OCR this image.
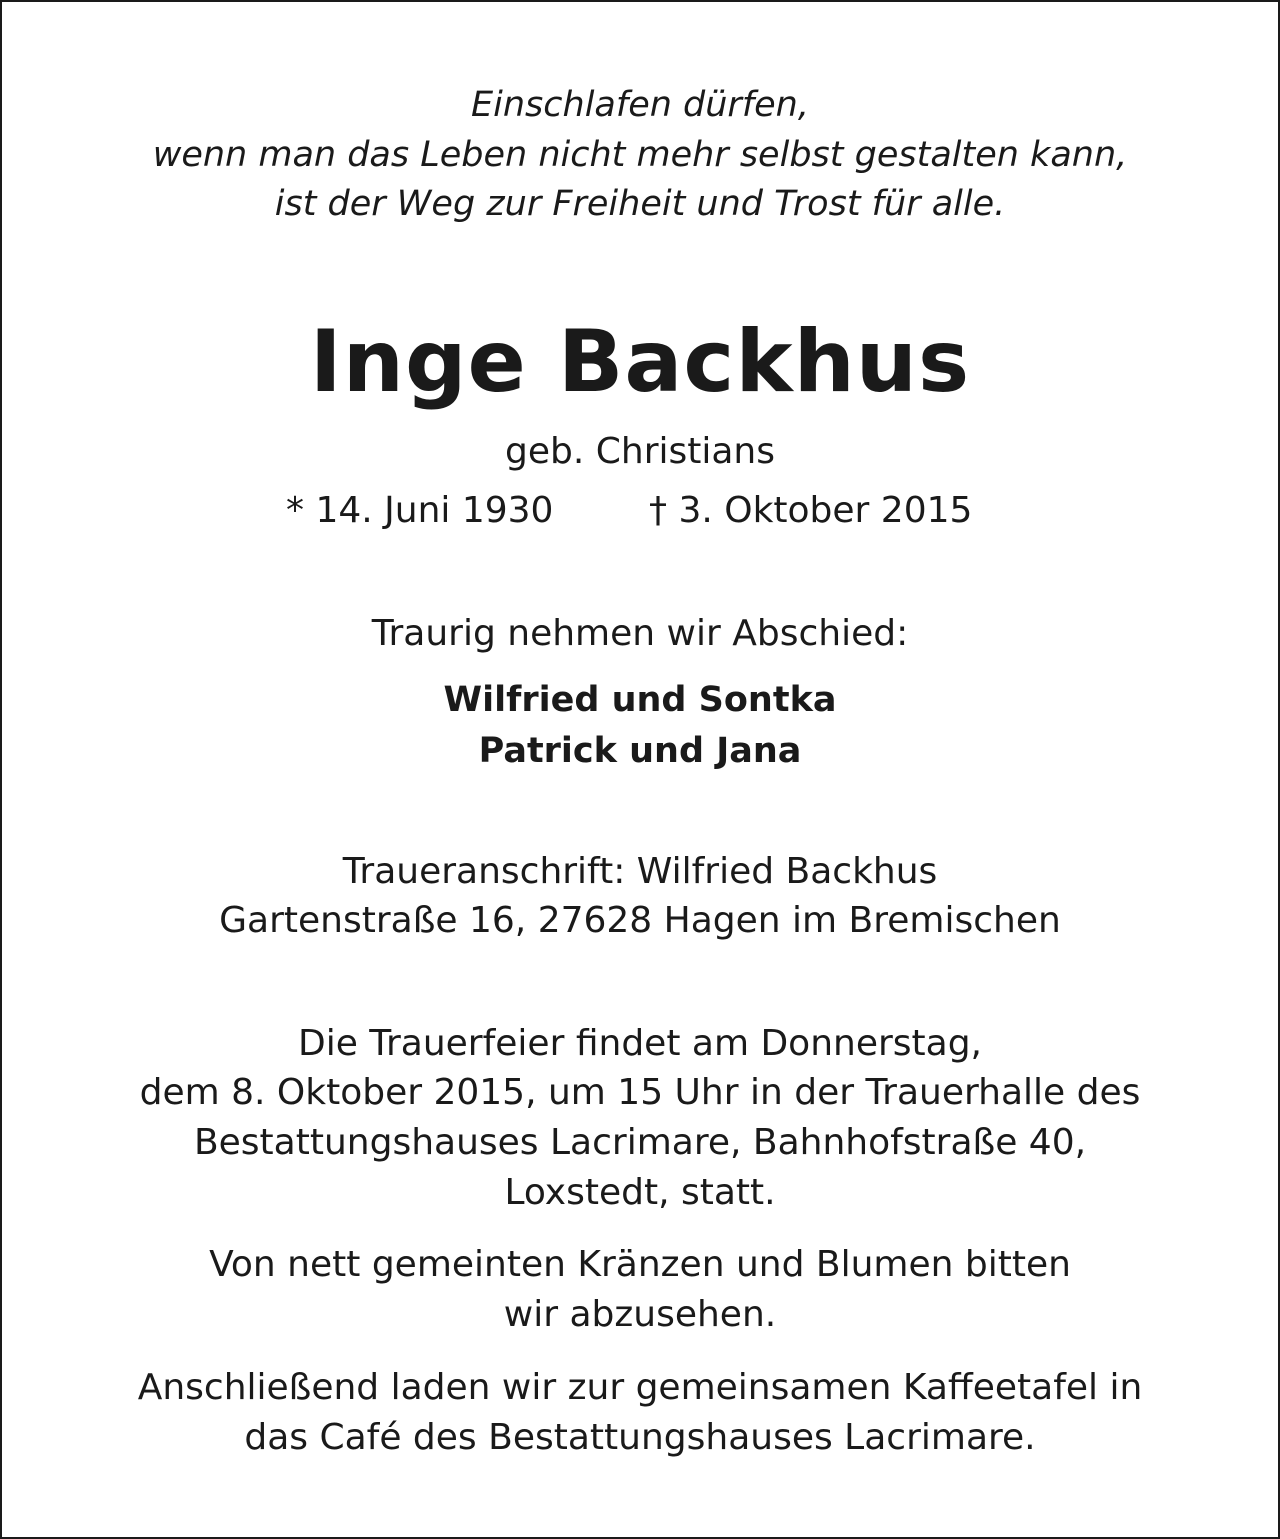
Einschlafen dürfen,
wenn man das Leben nicht mehr selbst gestalten kann,
ist der Weg zur Freiheit und Trost für alle.
Inge Backhus
geb. Christians
* 14. Juni 1930	† 3. Oktober 2015
Traurig nehmen wir Abschied:
Wilfried und Sontka
Patrick und Jana
Traueranschrift: Wilfried Backhus
Gartenstraße 16, 27628 Hagen im Bremischen
Die Trauerfeier findet am Donnerstag,
dem 8. Oktober 2015, um 15 Uhr in der Trauerhalle des
Bestattungshauses Lacrimare, Bahnhofstraße 40,
Loxstedt, statt.
Von nett gemeinten Kränzen und Blumen bitten
wir abzusehen.
Anschließend laden wir zur gemeinsamen Kaffeetafel in
das Café des Bestattungshauses Lacrimare.
